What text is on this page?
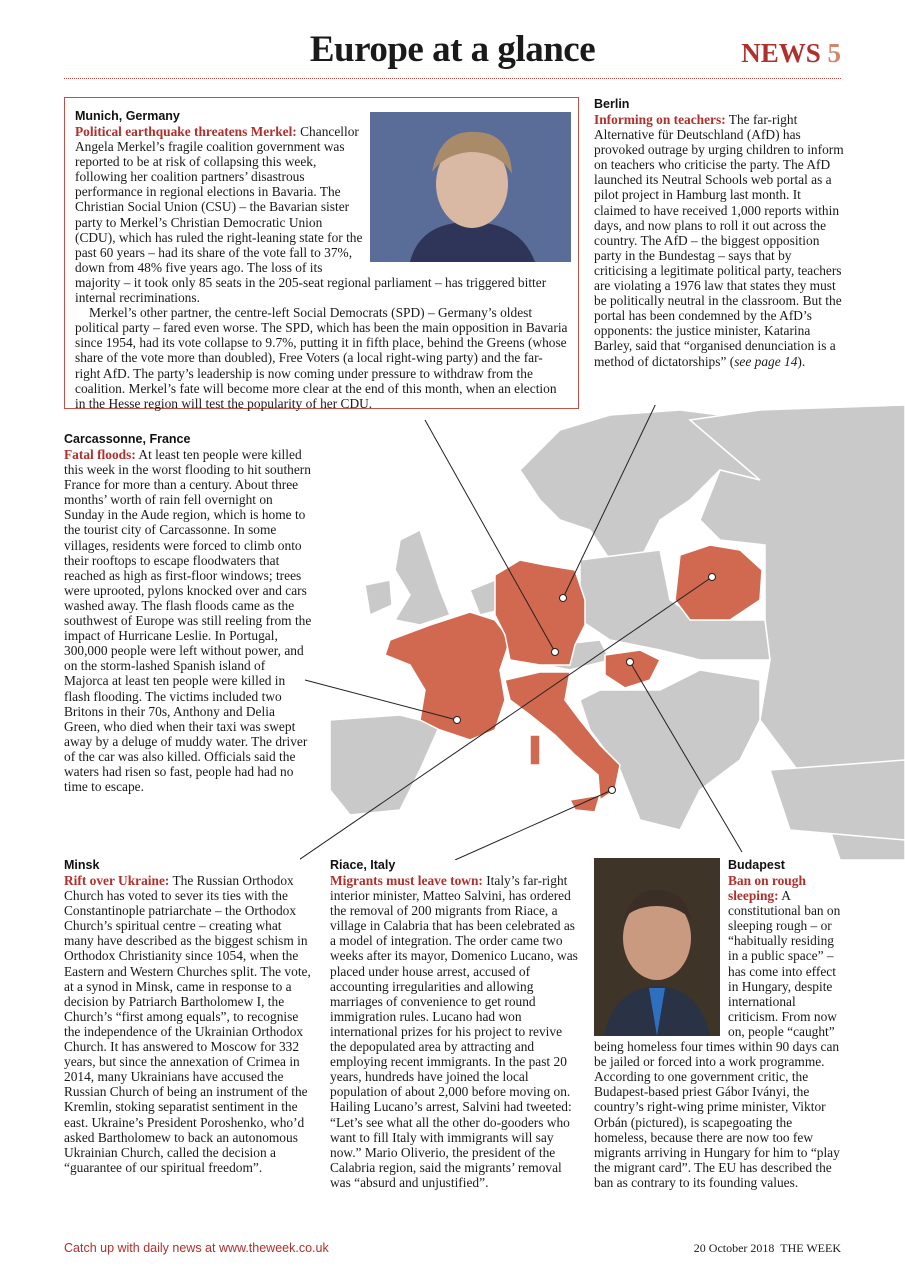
Europe at a glance	NEWS 5
Munich, Germany

Political earthquake threatens Merkel: Chancellor Angela Merkel’s fragile coalition government was reported to be at risk of collapsing this week, following her coalition partners’ disastrous performance in regional elections in Bavaria. The Christian Social Union (CSU) – the Bavarian sister party to Merkel’s Christian Democratic Union (CDU), which has ruled the right-leaning state for the past 60 years – had its share of the vote fall to 37%, down from 48% five years ago. The loss of its majority – it took only 85 seats in the 205-seat regional parliament – has triggered bitter internal recriminations.

Merkel’s other partner, the centre-left Social Democrats (SPD) – Germany’s oldest political party – fared even worse. The SPD, which has been the main opposition in Bavaria since 1954, had its vote collapse to 9.7%, putting it in fifth place, behind the Greens (whose share of the vote more than doubled), Free Voters (a local right-wing party) and the far-right AfD. The party’s leadership is now coming under pressure to withdraw from the coalition. Merkel’s fate will become more clear at the end of this month, when an election in the Hesse region will test the popularity of her CDU.

Berlin

Informing on teachers: The far-right Alternative für Deutschland (AfD) has provoked outrage by urging children to inform on teachers who criticise the party. The AfD launched its Neutral Schools web portal as a pilot project in Hamburg last month. It claimed to have received 1,000 reports within days, and now plans to roll it out across the country. The AfD – the biggest opposition party in the Bundestag – says that by criticising a legitimate political party, teachers are violating a 1976 law that states they must be politically neutral in the classroom. But the portal has been condemned by the AfD’s opponents: the justice minister, Katarina Barley, said that “organised denunciation is a method of dictatorships” (see page 14).

Carcassonne, France

Fatal floods: At least ten people were killed this week in the worst flooding to hit southern France for more than a century. About three months’ worth of rain fell overnight on Sunday in the Aude region, which is home to the tourist city of Carcassonne. In some villages, residents were forced to climb onto their rooftops to escape floodwaters that reached as high as first-floor windows; trees were uprooted, pylons knocked over and cars washed away. The flash floods came as the southwest of Europe was still reeling from the impact of Hurricane Leslie. In Portugal, 300,000 people were left without power, and on the storm-lashed Spanish island of Majorca at least ten people were killed in flash flooding. The victims included two Britons in their 70s, Anthony and Delia Green, who died when their taxi was swept away by a deluge of muddy water. The driver of the car was also killed. Officials said the waters had risen so fast, people had had no time to escape.

Minsk

Rift over Ukraine: The Russian Orthodox Church has voted to sever its ties with the Constantinople patriarchate – the Orthodox Church’s spiritual centre – creating what many have described as the biggest schism in Orthodox Christianity since 1054, when the Eastern and Western Churches split. The vote, at a synod in Minsk, came in response to a decision by Patriarch Bartholomew I, the Church’s “first among equals”, to recognise the independence of the Ukrainian Orthodox Church. It has answered to Moscow for 332 years, but since the annexation of Crimea in 2014, many Ukrainians have accused the Russian Church of being an instrument of the Kremlin, stoking separatist sentiment in the east. Ukraine’s President Poroshenko, who’d asked Bartholomew to back an autonomous Ukrainian Church, called the decision a “guarantee of our spiritual freedom”.

Riace, Italy

Migrants must leave town: Italy’s far-right interior minister, Matteo Salvini, has ordered the removal of 200 migrants from Riace, a village in Calabria that has been celebrated as a model of integration. The order came two weeks after its mayor, Domenico Lucano, was placed under house arrest, accused of accounting irregularities and allowing marriages of convenience to get round immigration rules. Lucano had won international prizes for his project to revive the depopulated area by attracting and employing recent immigrants. In the past 20 years, hundreds have joined the local population of about 2,000 before moving on. Hailing Lucano’s arrest, Salvini had tweeted: “Let’s see what all the other do-gooders who want to fill Italy with immigrants will say now.” Mario Oliverio, the president of the Calabria region, said the migrants’ removal was “absurd and unjustified”.

Budapest

Ban on rough sleeping: A constitutional ban on sleeping rough – or “habitually residing in a public space” – has come into effect in Hungary, despite international criticism. From now on, people “caught” being homeless four times within 90 days can be jailed or forced into a work programme. According to one government critic, the Budapest-based priest Gábor Iványi, the country’s right-wing prime minister, Viktor Orbán (pictured), is scapegoating the homeless, because there are now too few migrants arriving in Hungary for him to “play the migrant card”. The EU has described the ban as contrary to its founding values.

Catch up with daily news at www.theweek.co.uk	20 October 2018 THE WEEK
